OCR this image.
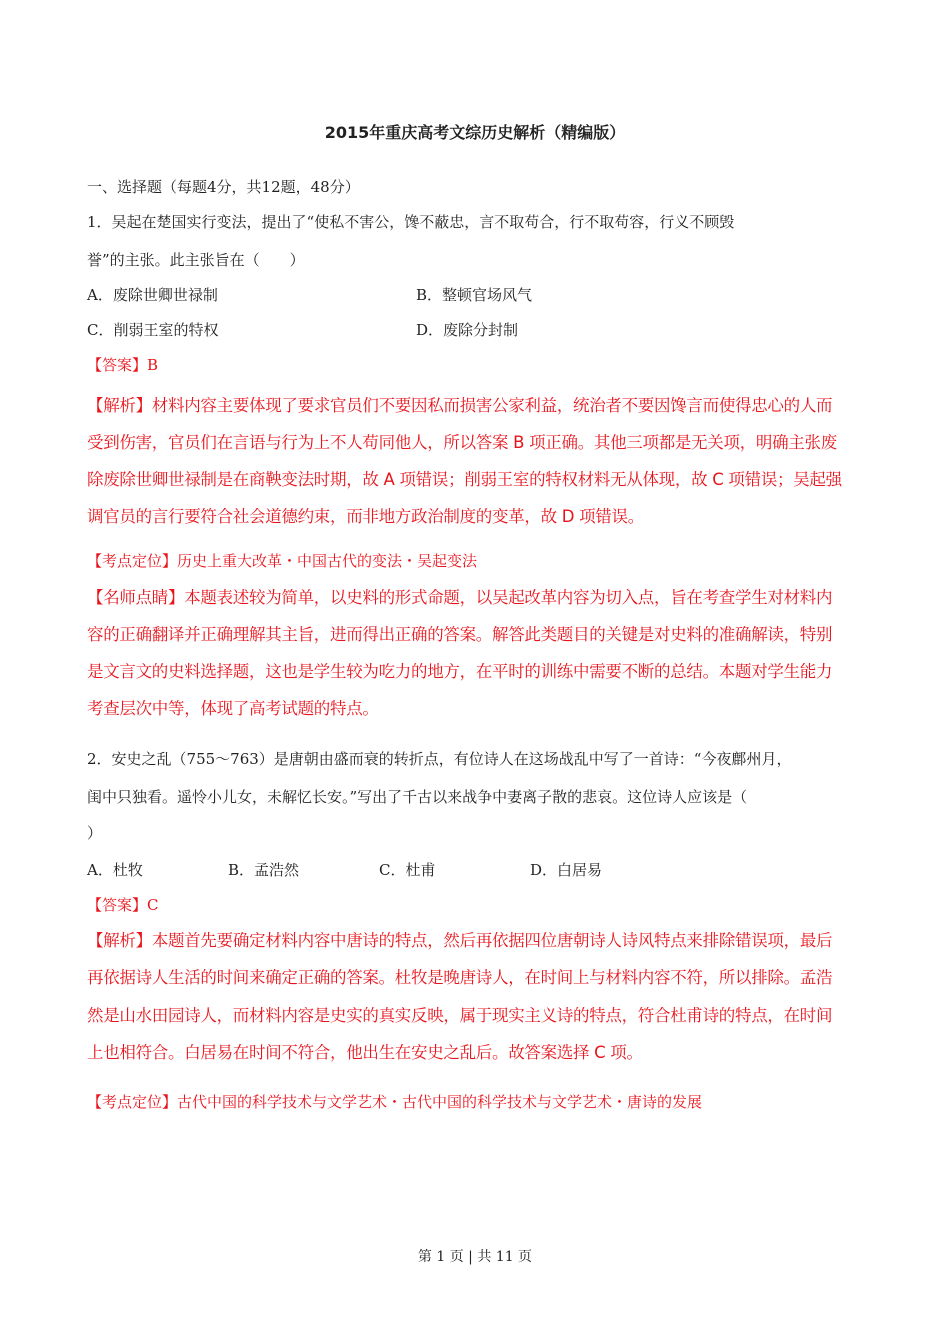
2015年重庆高考文综历史解析（精编版）
一、选择题（每题4分，共12题，48分）
1．吴起在楚国实行变法，提出了“使私不害公，馋不蔽忠，言不取苟合，行不取苟容，行义不顾毁
誉”的主张。此主张旨在（　　）
A．废除世卿世禄制	B．整顿官场风气
C．削弱王室的特权	D．废除分封制
【答案】B
【解析】材料内容主要体现了要求官员们不要因私而损害公家利益，统治者不要因馋言而使得忠心的人而
受到伤害，官员们在言语与行为上不人苟同他人，所以答案 B 项正确。其他三项都是无关项，明确主张废
除废除世卿世禄制是在商鞅变法时期，故 A 项错误；削弱王室的特权材料无从体现，故 C 项错误；吴起强
调官员的言行要符合社会道德约束，而非地方政治制度的变革，故 D 项错误。
【考点定位】历史上重大改革・中国古代的变法・吴起变法
【名师点睛】本题表述较为简单，以史料的形式命题，以吴起改革内容为切入点，旨在考查学生对材料内
容的正确翻译并正确理解其主旨，进而得出正确的答案。解答此类题目的关键是对史料的准确解读，特别
是文言文的史料选择题，这也是学生较为吃力的地方，在平时的训练中需要不断的总结。本题对学生能力
考查层次中等，体现了高考试题的特点。
2．安史之乱（755～763）是唐朝由盛而衰的转折点，有位诗人在这场战乱中写了一首诗：“今夜鄜州月，
闺中只独看。遥怜小儿女，未解忆长安。”写出了千古以来战争中妻离子散的悲哀。这位诗人应该是（
）
A．杜牧	B．孟浩然	C．杜甫	D．白居易
【答案】C
【解析】本题首先要确定材料内容中唐诗的特点，然后再依据四位唐朝诗人诗风特点来排除错误项，最后
再依据诗人生活的时间来确定正确的答案。杜牧是晚唐诗人，在时间上与材料内容不符，所以排除。孟浩
然是山水田园诗人，而材料内容是史实的真实反映，属于现实主义诗的特点，符合杜甫诗的特点，在时间
上也相符合。白居易在时间不符合，他出生在安史之乱后。故答案选择 C 项。
【考点定位】古代中国的科学技术与文学艺术・古代中国的科学技术与文学艺术・唐诗的发展
第 1 页 | 共 11 页
